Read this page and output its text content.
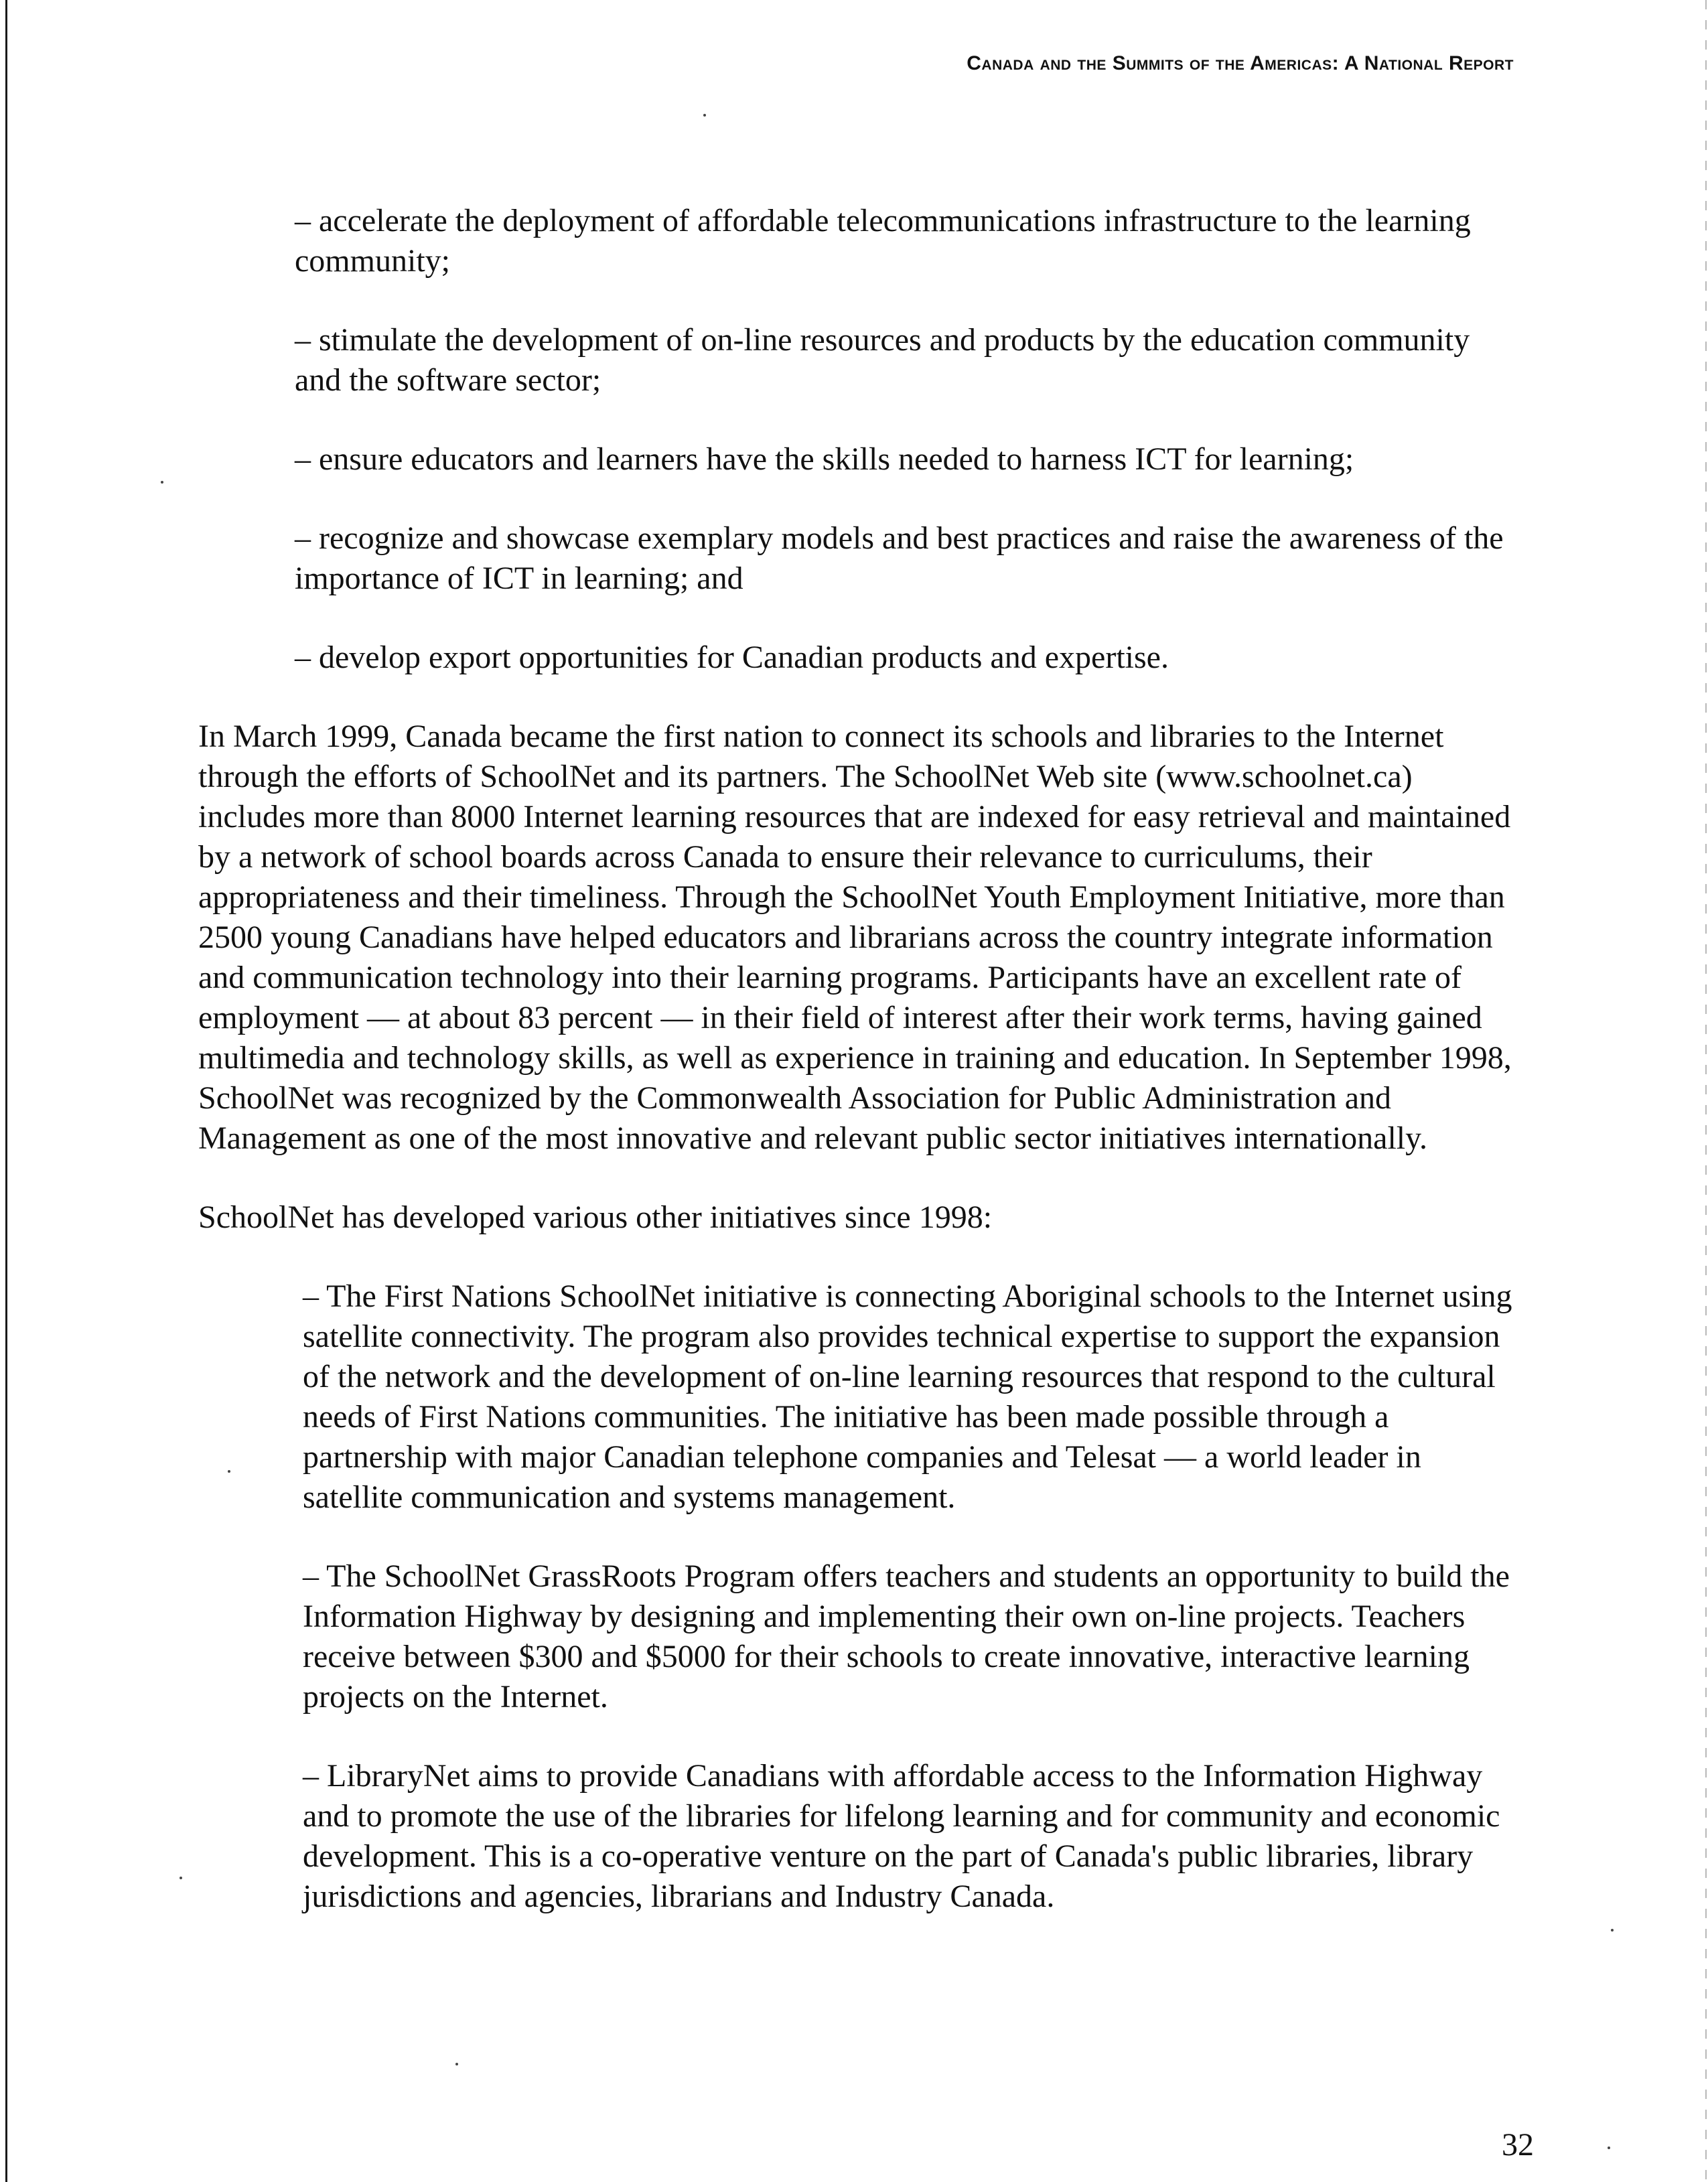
Canada and the Summits of the Americas: A National Report
– accelerate the deployment of affordable telecommunications infrastructure to the learning community;
– stimulate the development of on-line resources and products by the education community and the software sector;
– ensure educators and learners have the skills needed to harness ICT for learning;
– recognize and showcase exemplary models and best practices and raise the awareness of the importance of ICT in learning; and
– develop export opportunities for Canadian products and expertise.
In March 1999, Canada became the first nation to connect its schools and libraries to the Internet through the efforts of SchoolNet and its partners. The SchoolNet Web site (www.schoolnet.ca) includes more than 8000 Internet learning resources that are indexed for easy retrieval and maintained by a network of school boards across Canada to ensure their relevance to curriculums, their appropriateness and their timeliness. Through the SchoolNet Youth Employment Initiative, more than 2500 young Canadians have helped educators and librarians across the country integrate information and communication technology into their learning programs. Participants have an excellent rate of employment — at about 83 percent — in their field of interest after their work terms, having gained multimedia and technology skills, as well as experience in training and education. In September 1998, SchoolNet was recognized by the Commonwealth Association for Public Administration and Management as one of the most innovative and relevant public sector initiatives internationally.
SchoolNet has developed various other initiatives since 1998:
– The First Nations SchoolNet initiative is connecting Aboriginal schools to the Internet using satellite connectivity. The program also provides technical expertise to support the expansion of the network and the development of on-line learning resources that respond to the cultural needs of First Nations communities. The initiative has been made possible through a partnership with major Canadian telephone companies and Telesat — a world leader in satellite communication and systems management.
– The SchoolNet GrassRoots Program offers teachers and students an opportunity to build the Information Highway by designing and implementing their own on-line projects. Teachers receive between $300 and $5000 for their schools to create innovative, interactive learning projects on the Internet.
– LibraryNet aims to provide Canadians with affordable access to the Information Highway and to promote the use of the libraries for lifelong learning and for community and economic development. This is a co-operative venture on the part of Canada's public libraries, library jurisdictions and agencies, librarians and Industry Canada.
32
